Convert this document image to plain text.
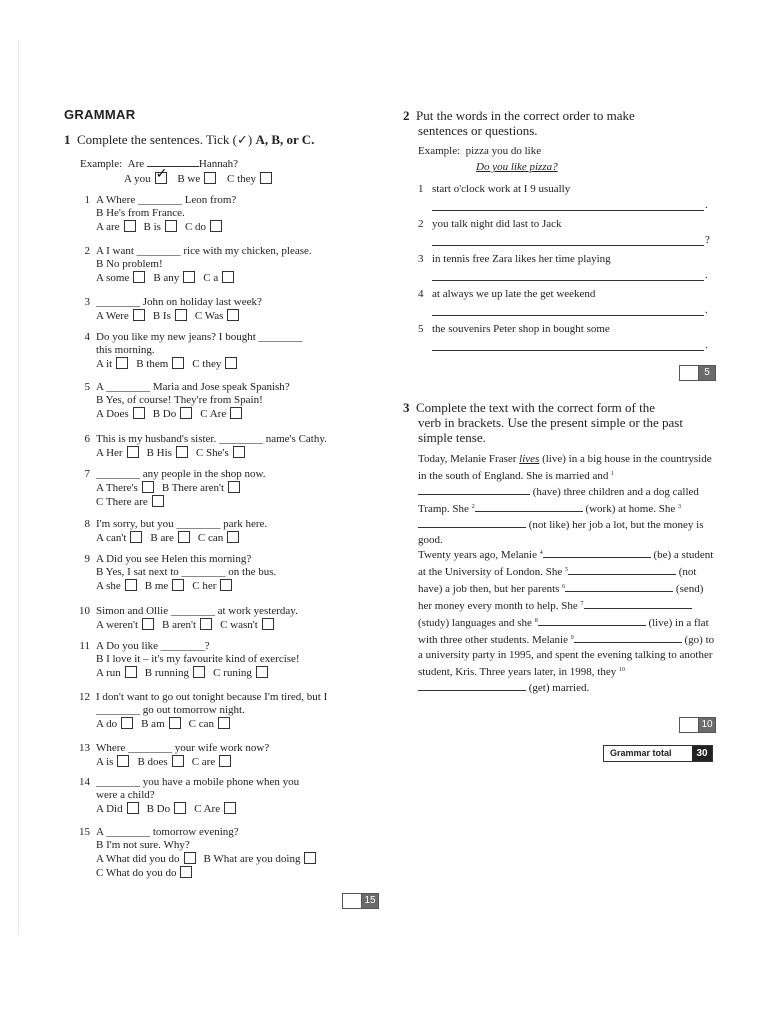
GRAMMAR
1 Complete the sentences. Tick (✓) A, B, or C.
Example: Are	Hannah?
A you ✓ B we C they
1 A Where ________ Leon from?
B He's from France.
A are B is C do
2 A I want ________ rice with my chicken, please.
B No problem!
A some B any C a
3 ________ John on holiday last week?
A Were B Is C Was
4 Do you like my new jeans? I bought ________
this morning.
A it B them C they
5 A ________ Maria and Jose speak Spanish?
B Yes, of course! They're from Spain!
A Does B Do C Are
6 This is my husband's sister. ________ name's Cathy.
A Her B His C She's
7 ________ any people in the shop now.
A There's B There aren't
C There are
8 I'm sorry, but you ________ park here.
A can't B are C can
9 A Did you see Helen this morning?
B Yes, I sat next to ________ on the bus.
A she B me C her
10 Simon and Ollie ________ at work yesterday.
A weren't B aren't C wasn't
11 A Do you like ________?
B I love it – it's my favourite kind of exercise!
A run B running C runing
12 I don't want to go out tonight because I'm tired, but I
________ go out tomorrow night.
A do B am C can
13 Where ________ your wife work now?
A is B does C are
14 ________ you have a mobile phone when you
were a child?
A Did B Do C Are
15 A ________ tomorrow evening?
B I'm not sure. Why?
A What did you do B What are you doing
C What do you do
15
2 Put the words in the correct order to make
sentences or questions.
Example: pizza you do like
Do you like pizza?
1 start o'clock work at I 9 usually
.
2 you talk night did last to Jack
?
3 in tennis free Zara likes her time playing
.
4 at always we up late the get weekend
.
5 the souvenirs Peter shop in bought some
.
5
3 Complete the text with the correct form of the
verb in brackets. Use the present simple or the past
simple tense.
Today, Melanie Fraser lives (live) in a big house in the countryside in the south of England. She is married and $^1$ (have) three children and a dog called Tramp. She $^2$	(work) at home. She $^3$ (not like) her job a lot, but the money is good.
Twenty years ago, Melanie $^4$	(be) a student at the University of London. She $^5$	(not have) a job then, but her parents $^6$	(send) her money every month to help. She $^7$ (study) languages and she $^8$	(live) in a flat with three other students. Melanie $^9$	(go) to a university party in 1995, and spent the evening talking to another student, Kris. Three years later, in 1998, they $^{10}$ (get) married.
10
Grammar total	30
